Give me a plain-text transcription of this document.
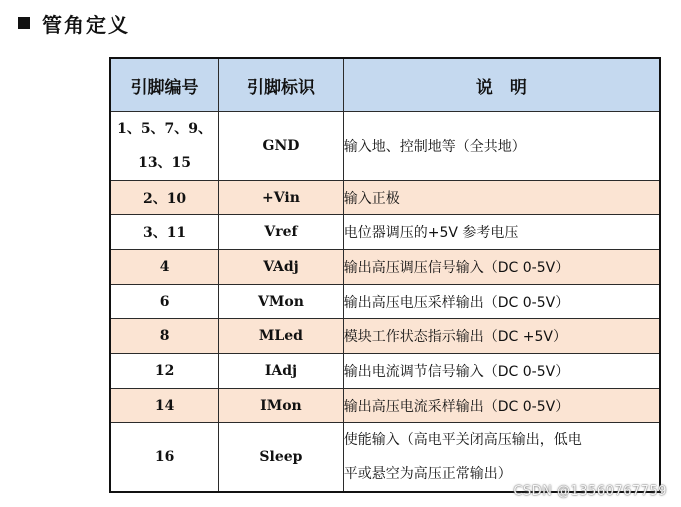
管角定义
引脚编号	引脚标识	说　明

1、5、7、9、
13、15	GND	输入地、控制地等（全共地）
2、10	+Vin	输入正极
3、11	Vref	电位器调压的+5V 参考电压
4	VAdj	输出高压调压信号输入（DC 0-5V）
6	VMon	输出高压电压采样输出（DC 0-5V）
8	MLed	模块工作状态指示输出（DC +5V）
12	IAdj	输出电流调节信号输入（DC 0-5V）
14	IMon	输出高压电流采样输出（DC 0-5V）
16	Sleep	使能输入（高电平关闭高压输出，低电
平或悬空为高压正常输出）
CSDN @13560767759
